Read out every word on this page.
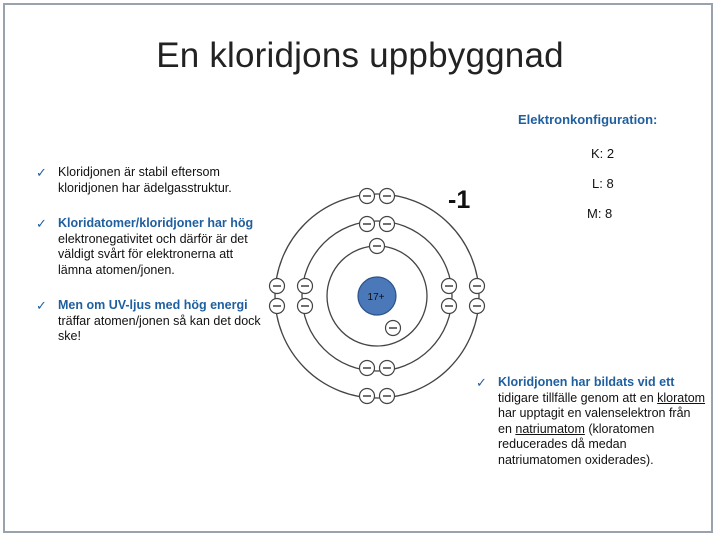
En kloridjons uppbyggnad
Elektronkonfiguration:
K: 2
L: 8
M: 8
-1
✓ Kloridjonen är stabil eftersom kloridjonen har ädelgasstruktur.
✓ Kloridatomer/kloridjoner har hög elektronegativitet och därför är det väldigt svårt för elektronerna att lämna atomen/jonen.
✓ Men om UV-ljus med hög energi träffar atomen/jonen så kan det dock ske!
✓ Kloridjonen har bildats vid ett tidigare tillfälle genom att en kloratom har upptagit en valenselektron från en natriumatom (kloratomen reducerades då medan natriumatomen oxiderades).
17+
